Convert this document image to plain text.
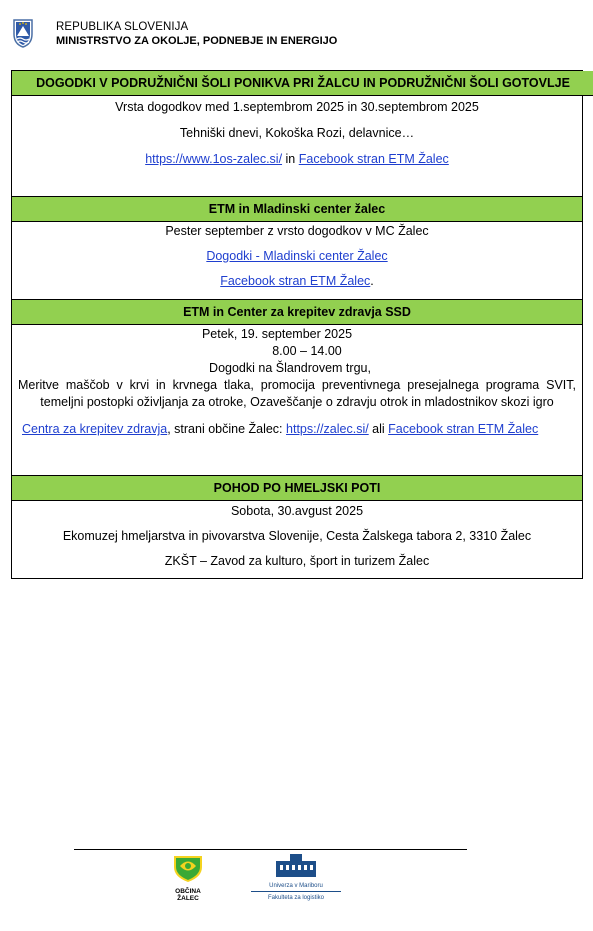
REPUBLIKA SLOVENIJA
MINISTRSTVO ZA OKOLJE, PODNEBJE IN ENERGIJO
DOGODKI V PODRUŽNIČNI ŠOLI PONIKVA PRI ŽALCU IN PODRUŽNIČNI ŠOLI GOTOVLJE

Vrsta dogodkov med 1.septembrom 2025 in 30.septembrom 2025

Tehniški dnevi, Kokoška Rozi, delavnice…

https://www.1os-zalec.si/ in Facebook stran ETM Žalec

ETM in Mladinski center žalec

Pester september z vrsto dogodkov v MC Žalec

Dogodki - Mladinski center Žalec

Facebook stran ETM Žalec.

ETM in Center za krepitev zdravja SSD

Petek, 19. september 2025

8.00 – 14.00

Dogodki na Šlandrovem trgu,

Meritve maščob v krvi in krvnega tlaka, promocija preventivnega presejalnega programa SVIT, temeljni postopki oživljanja za otroke, Ozaveščanje o zdravju otrok in mladostnikov skozi igro

Centra za krepitev zdravja, strani občine Žalec: https://zalec.si/ ali Facebook stran ETM Žalec

POHOD PO HMELJSKI POTI

Sobota, 30.avgust 2025

Ekomuzej hmeljarstva in pivovarstva Slovenije, Cesta Žalskega tabora 2, 3310 Žalec

ZKŠT – Zavod za kulturo, šport in turizem Žalec

OBČINA
ŽALEC
Univerza v Mariboru
Fakulteta za logistiko
